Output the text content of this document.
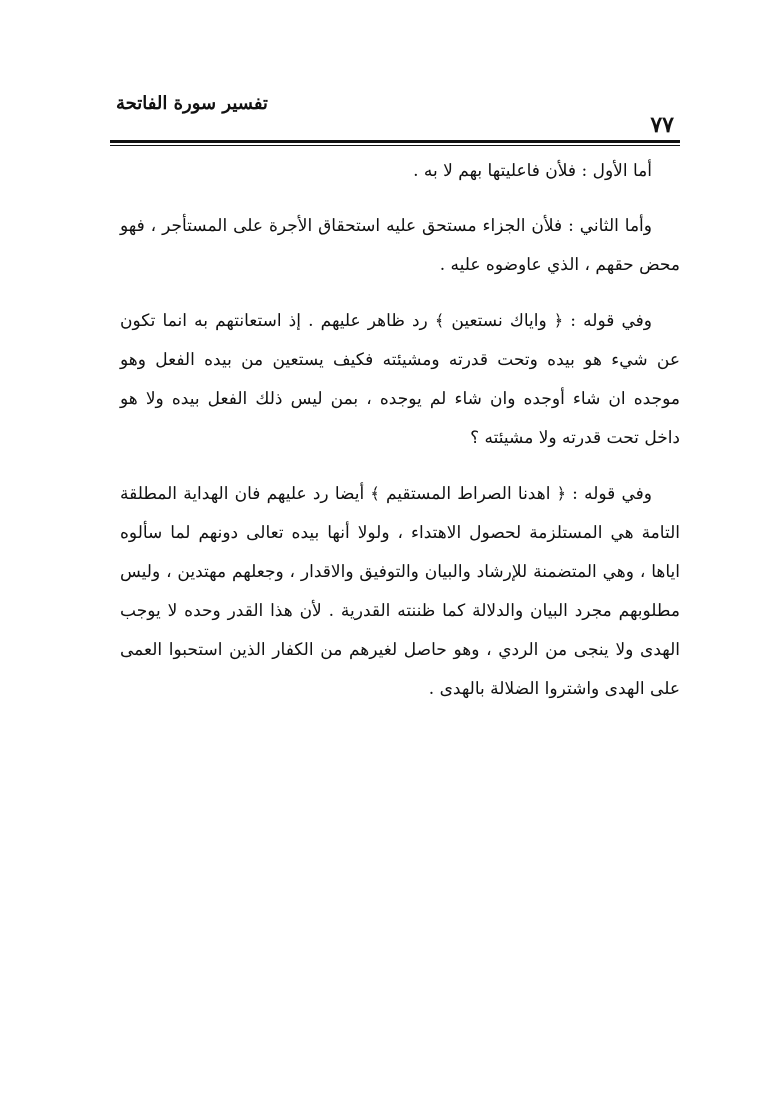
٧٧
تفسير سورة الفاتحة

أما الأول : فلأن فاعليتها بهم لا به .

وأما الثاني : فلأن الجزاء مستحق عليه استحقاق الأجرة على المستأجر ، فهو محض حقهم ، الذي عاوضوه عليه .

وفي قوله : ﴿ واياك نستعين ﴾ رد ظاهر عليهم . إذ استعانتهم به انما تكون عن شيء هو بيده وتحت قدرته ومشيئته فكيف يستعين من بيده الفعل وهو موجده ان شاء أوجده وان شاء لم يوجده ، بمن ليس ذلك الفعل بيده ولا هو داخل تحت قدرته ولا مشيئته ؟

وفي قوله : ﴿ اهدنا الصراط المستقيم ﴾ أيضا رد عليهم فان الهداية المطلقة التامة هي المستلزمة لحصول الاهتداء ، ولولا أنها بيده تعالى دونهم لما سألوه اياها ، وهي المتضمنة للإرشاد والبيان والتوفيق والاقدار ، وجعلهم مهتدين ، وليس مطلوبهم مجرد البيان والدلالة كما ظننته القدرية . لأن هذا القدر وحده لا يوجب الهدى ولا ينجى من الردي ، وهو حاصل لغيرهم من الكفار الذين استحبوا العمى على الهدى واشتروا الضلالة بالهدى .
